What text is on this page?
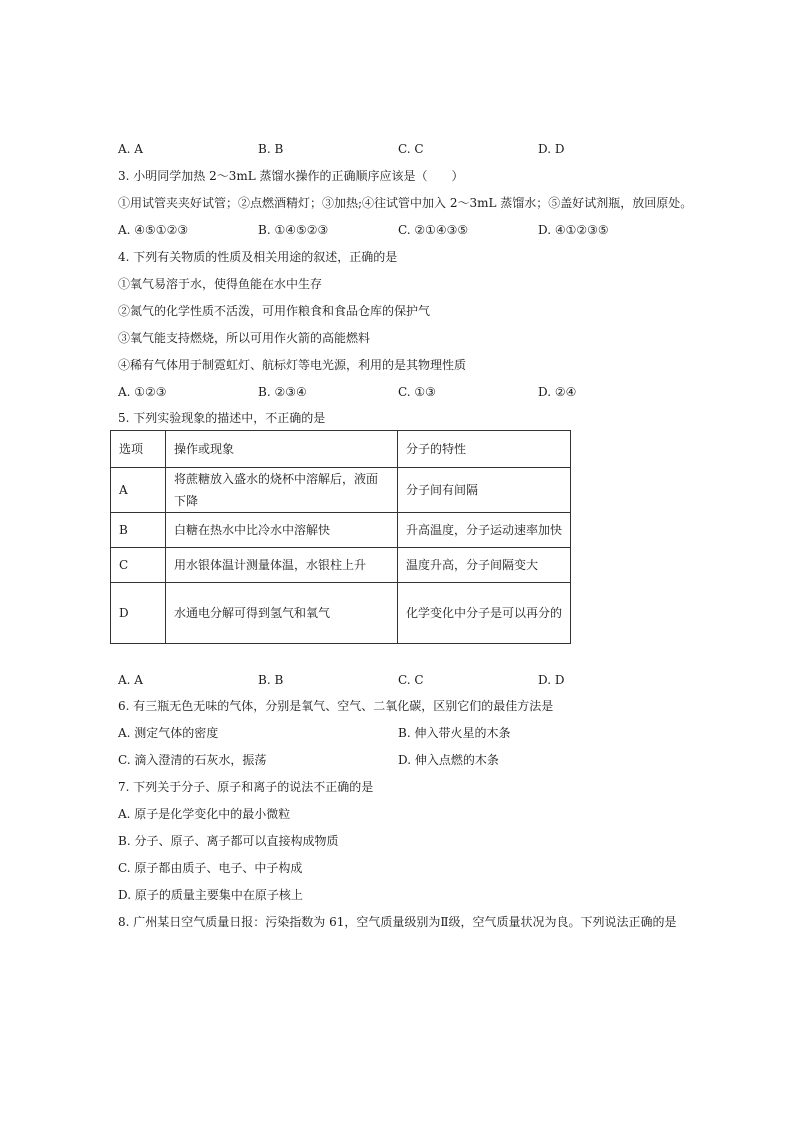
A. A	B. B	C. C	D. D
3. 小明同学加热 2～3mL 蒸馏水操作的正确顺序应该是（　　）
①用试管夹夹好试管；②点燃酒精灯；③加热;④往试管中加入 2～3mL 蒸馏水；⑤盖好试剂瓶，放回原处。
A. ④⑤①②③	B. ①④⑤②③	C. ②①④③⑤	D. ④①②③⑤
4. 下列有关物质的性质及相关用途的叙述，正确的是
①氧气易溶于水，使得鱼能在水中生存
②氮气的化学性质不活泼，可用作粮食和食品仓库的保护气
③氧气能支持燃烧，所以可用作火箭的高能燃料
④稀有气体用于制霓虹灯、航标灯等电光源，利用的是其物理性质
A. ①②③	B. ②③④	C. ①③	D. ②④
5. 下列实验现象的描述中，不正确的是
选项	操作或现象	分子的特性
A	将蔗糖放入盛水的烧杯中溶解后，液面下降	分子间有间隔
B	白糖在热水中比冷水中溶解快	升高温度，分子运动速率加快
C	用水银体温计测量体温，水银柱上升	温度升高，分子间隔变大
D	水通电分解可得到氢气和氧气	化学变化中分子是可以再分的
A. A	B. B	C. C	D. D
6. 有三瓶无色无味的气体，分别是氧气、空气、二氧化碳，区别它们的最佳方法是
A. 测定气体的密度	B. 伸入带火星的木条
C. 滴入澄清的石灰水，振荡	D. 伸入点燃的木条
7. 下列关于分子、原子和离子的说法不正确的是
A. 原子是化学变化中的最小微粒
B. 分子、原子、离子都可以直接构成物质
C. 原子都由质子、电子、中子构成
D. 原子的质量主要集中在原子核上
8. 广州某日空气质量日报：污染指数为 61，空气质量级别为Ⅱ级，空气质量状况为良。下列说法正确的是
